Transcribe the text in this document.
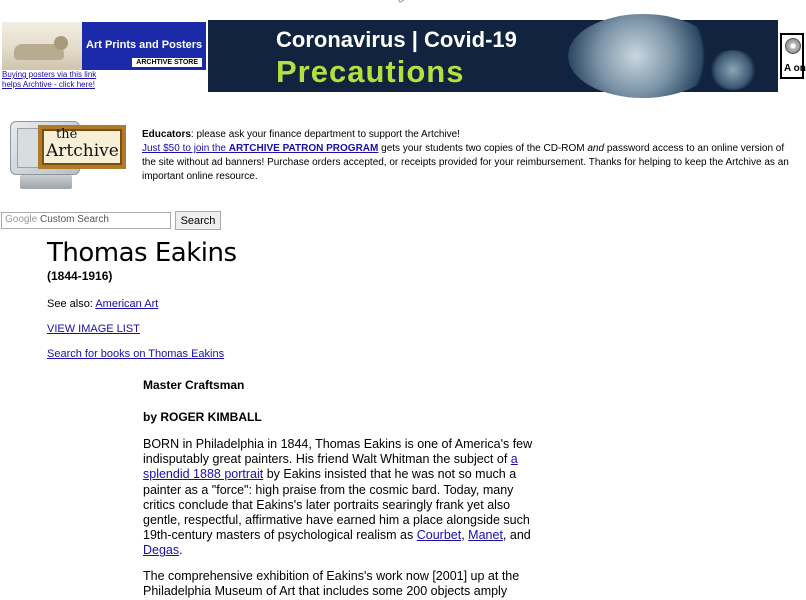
Art Prints and Posters
ARCHTIVE STORE
Buying posters via this link
helps Archtive - click here!
Coronavirus | Covid-19
Precautions	A on
the
Artchive
Educators: please ask your finance department to support the Artchive!
Just $50 to join the ARTCHIVE PATRON PROGRAM gets your students two copies of the CD-ROM and password access to an online version of the site without ad banners! Purchase orders accepted, or receipts provided for your reimbursement. Thanks for helping to keep the Artchive as an important online resource.
Google Custom Search	Search
Thomas Eakins
(1844-1916)
See also: American Art
VIEW IMAGE LIST
Search for books on Thomas Eakins
Master Craftsman
by ROGER KIMBALL

BORN in Philadelphia in 1844, Thomas Eakins is one of America's few indisputably great painters. His friend Walt Whitman the subject of a splendid 1888 portrait by Eakins insisted that he was not so much a painter as a "force": high praise from the cosmic bard. Today, many critics conclude that Eakins's later portraits searingly frank yet also gentle, respectful, affirmative have earned him a place alongside such 19th-century masters of psychological realism as Courbet, Manet, and Degas.

The comprehensive exhibition of Eakins's work now [2001] up at the Philadelphia Museum of Art that includes some 200 objects amply
